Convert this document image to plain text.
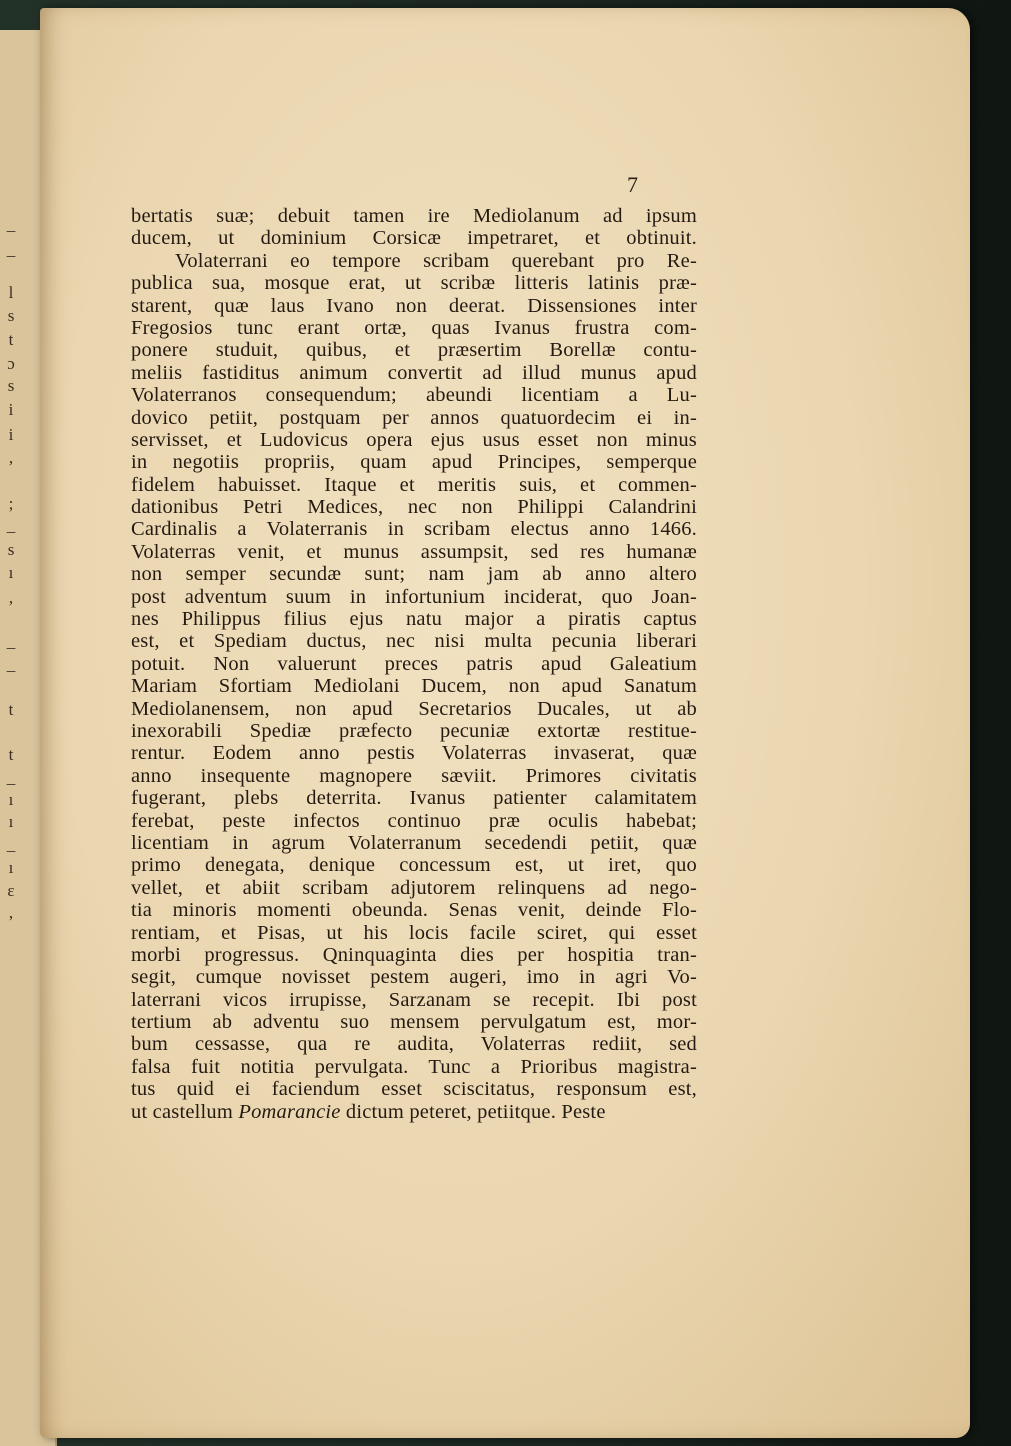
_
_
l
s
t
ɔ
s
i
i
,
;
_
s
ı
,
_
_
t
t
_
ı
ı
_
ı
ɛ
,

7

bertatis suæ; debuit tamen ire Mediolanum ad ipsum
ducem, ut dominium Corsicæ impetraret, et obtinuit.
Volaterrani eo tempore scribam querebant pro Re-
publica sua, mosque erat, ut scribæ litteris latinis præ-
starent, quæ laus Ivano non deerat. Dissensiones inter
Fregosios tunc erant ortæ, quas Ivanus frustra com-
ponere studuit, quibus, et præsertim Borellæ contu-
meliis fastiditus animum convertit ad illud munus apud
Volaterranos consequendum; abeundi licentiam a Lu-
dovico petiit, postquam per annos quatuordecim ei in-
servisset, et Ludovicus opera ejus usus esset non minus
in negotiis propriis, quam apud Principes, semperque
fidelem habuisset. Itaque et meritis suis, et commen-
dationibus Petri Medices, nec non Philippi Calandrini
Cardinalis a Volaterranis in scribam electus anno 1466.
Volaterras venit, et munus assumpsit, sed res humanæ
non semper secundæ sunt; nam jam ab anno altero
post adventum suum in infortunium inciderat, quo Joan-
nes Philippus filius ejus natu major a piratis captus
est, et Spediam ductus, nec nisi multa pecunia liberari
potuit. Non valuerunt preces patris apud Galeatium
Mariam Sfortiam Mediolani Ducem, non apud Sanatum
Mediolanensem, non apud Secretarios Ducales, ut ab
inexorabili Spediæ præfecto pecuniæ extortæ restitue-
rentur. Eodem anno pestis Volaterras invaserat, quæ
anno insequente magnopere sæviit. Primores civitatis
fugerant, plebs deterrita. Ivanus patienter calamitatem
ferebat, peste infectos continuo præ oculis habebat;
licentiam in agrum Volaterranum secedendi petiit, quæ
primo denegata, denique concessum est, ut iret, quo
vellet, et abiit scribam adjutorem relinquens ad nego-
tia minoris momenti obeunda. Senas venit, deinde Flo-
rentiam, et Pisas, ut his locis facile sciret, qui esset
morbi progressus. Qninquaginta dies per hospitia tran-
segit, cumque novisset pestem augeri, imo in agri Vo-
laterrani vicos irrupisse, Sarzanam se recepit. Ibi post
tertium ab adventu suo mensem pervulgatum est, mor-
bum cessasse, qua re audita, Volaterras rediit, sed
falsa fuit notitia pervulgata. Tunc a Prioribus magistra-
tus quid ei faciendum esset sciscitatus, responsum est,
ut castellum Pomarancie dictum peteret, petiitque. Peste
